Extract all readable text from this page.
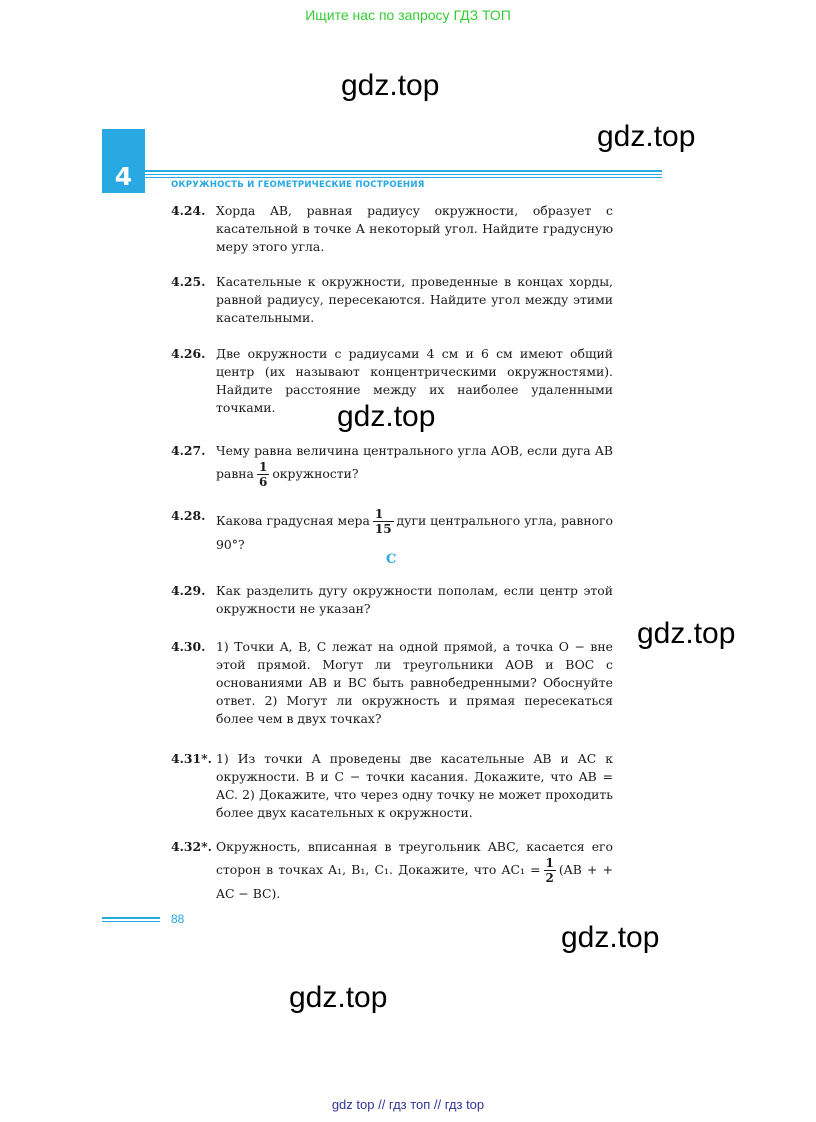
Ищите нас по запросу ГДЗ ТОП
gdz.top
gdz.top
gdz.top
gdz.top
gdz.top
gdz.top
4	ОКРУЖНОСТЬ И ГЕОМЕТРИЧЕСКИЕ ПОСТРОЕНИЯ
4.24. Хорда AB, равная радиусу окружности, образует с касательной в точке A некоторый угол. Найдите градусную меру этого угла.
4.25. Касательные к окружности, проведенные в концах хорды, равной радиусу, пересекаются. Найдите угол между этими касательными.
4.26. Две окружности с радиусами 4 см и 6 см имеют общий центр (их называют концентрическими окружностями). Найдите расстояние между их наиболее удаленными точками.
4.27. Чему равна величина центрального угла AOB, если дуга AB равна $\frac{1}{6}$ окружности?
4.28. Какова градусная мера $\frac{1}{15}$ дуги центрального угла, равного 90°?
C
4.29. Как разделить дугу окружности пополам, если центр этой окружности не указан?
4.30. 1) Точки A, B, C лежат на одной прямой, а точка O − вне этой прямой. Могут ли треугольники AOB и BOC с основаниями AB и BC быть равнобедренными? Обоснуйте ответ. 2) Могут ли окружность и прямая пересекаться более чем в двух точках?
4.31*. 1) Из точки A проведены две касательные AB и AC к окружности. B и C − точки касания. Докажите, что AB = AC. 2) Докажите, что через одну точку не может проходить более двух касательных к окружности.
4.32*. Окружность, вписанная в треугольник ABC, касается его сторон в точках A₁, B₁, C₁. Докажите, что $AC_1 = \frac{1}{2} (AB$ + + AC − BC).
88
gdz top // гдз топ // гдз top
